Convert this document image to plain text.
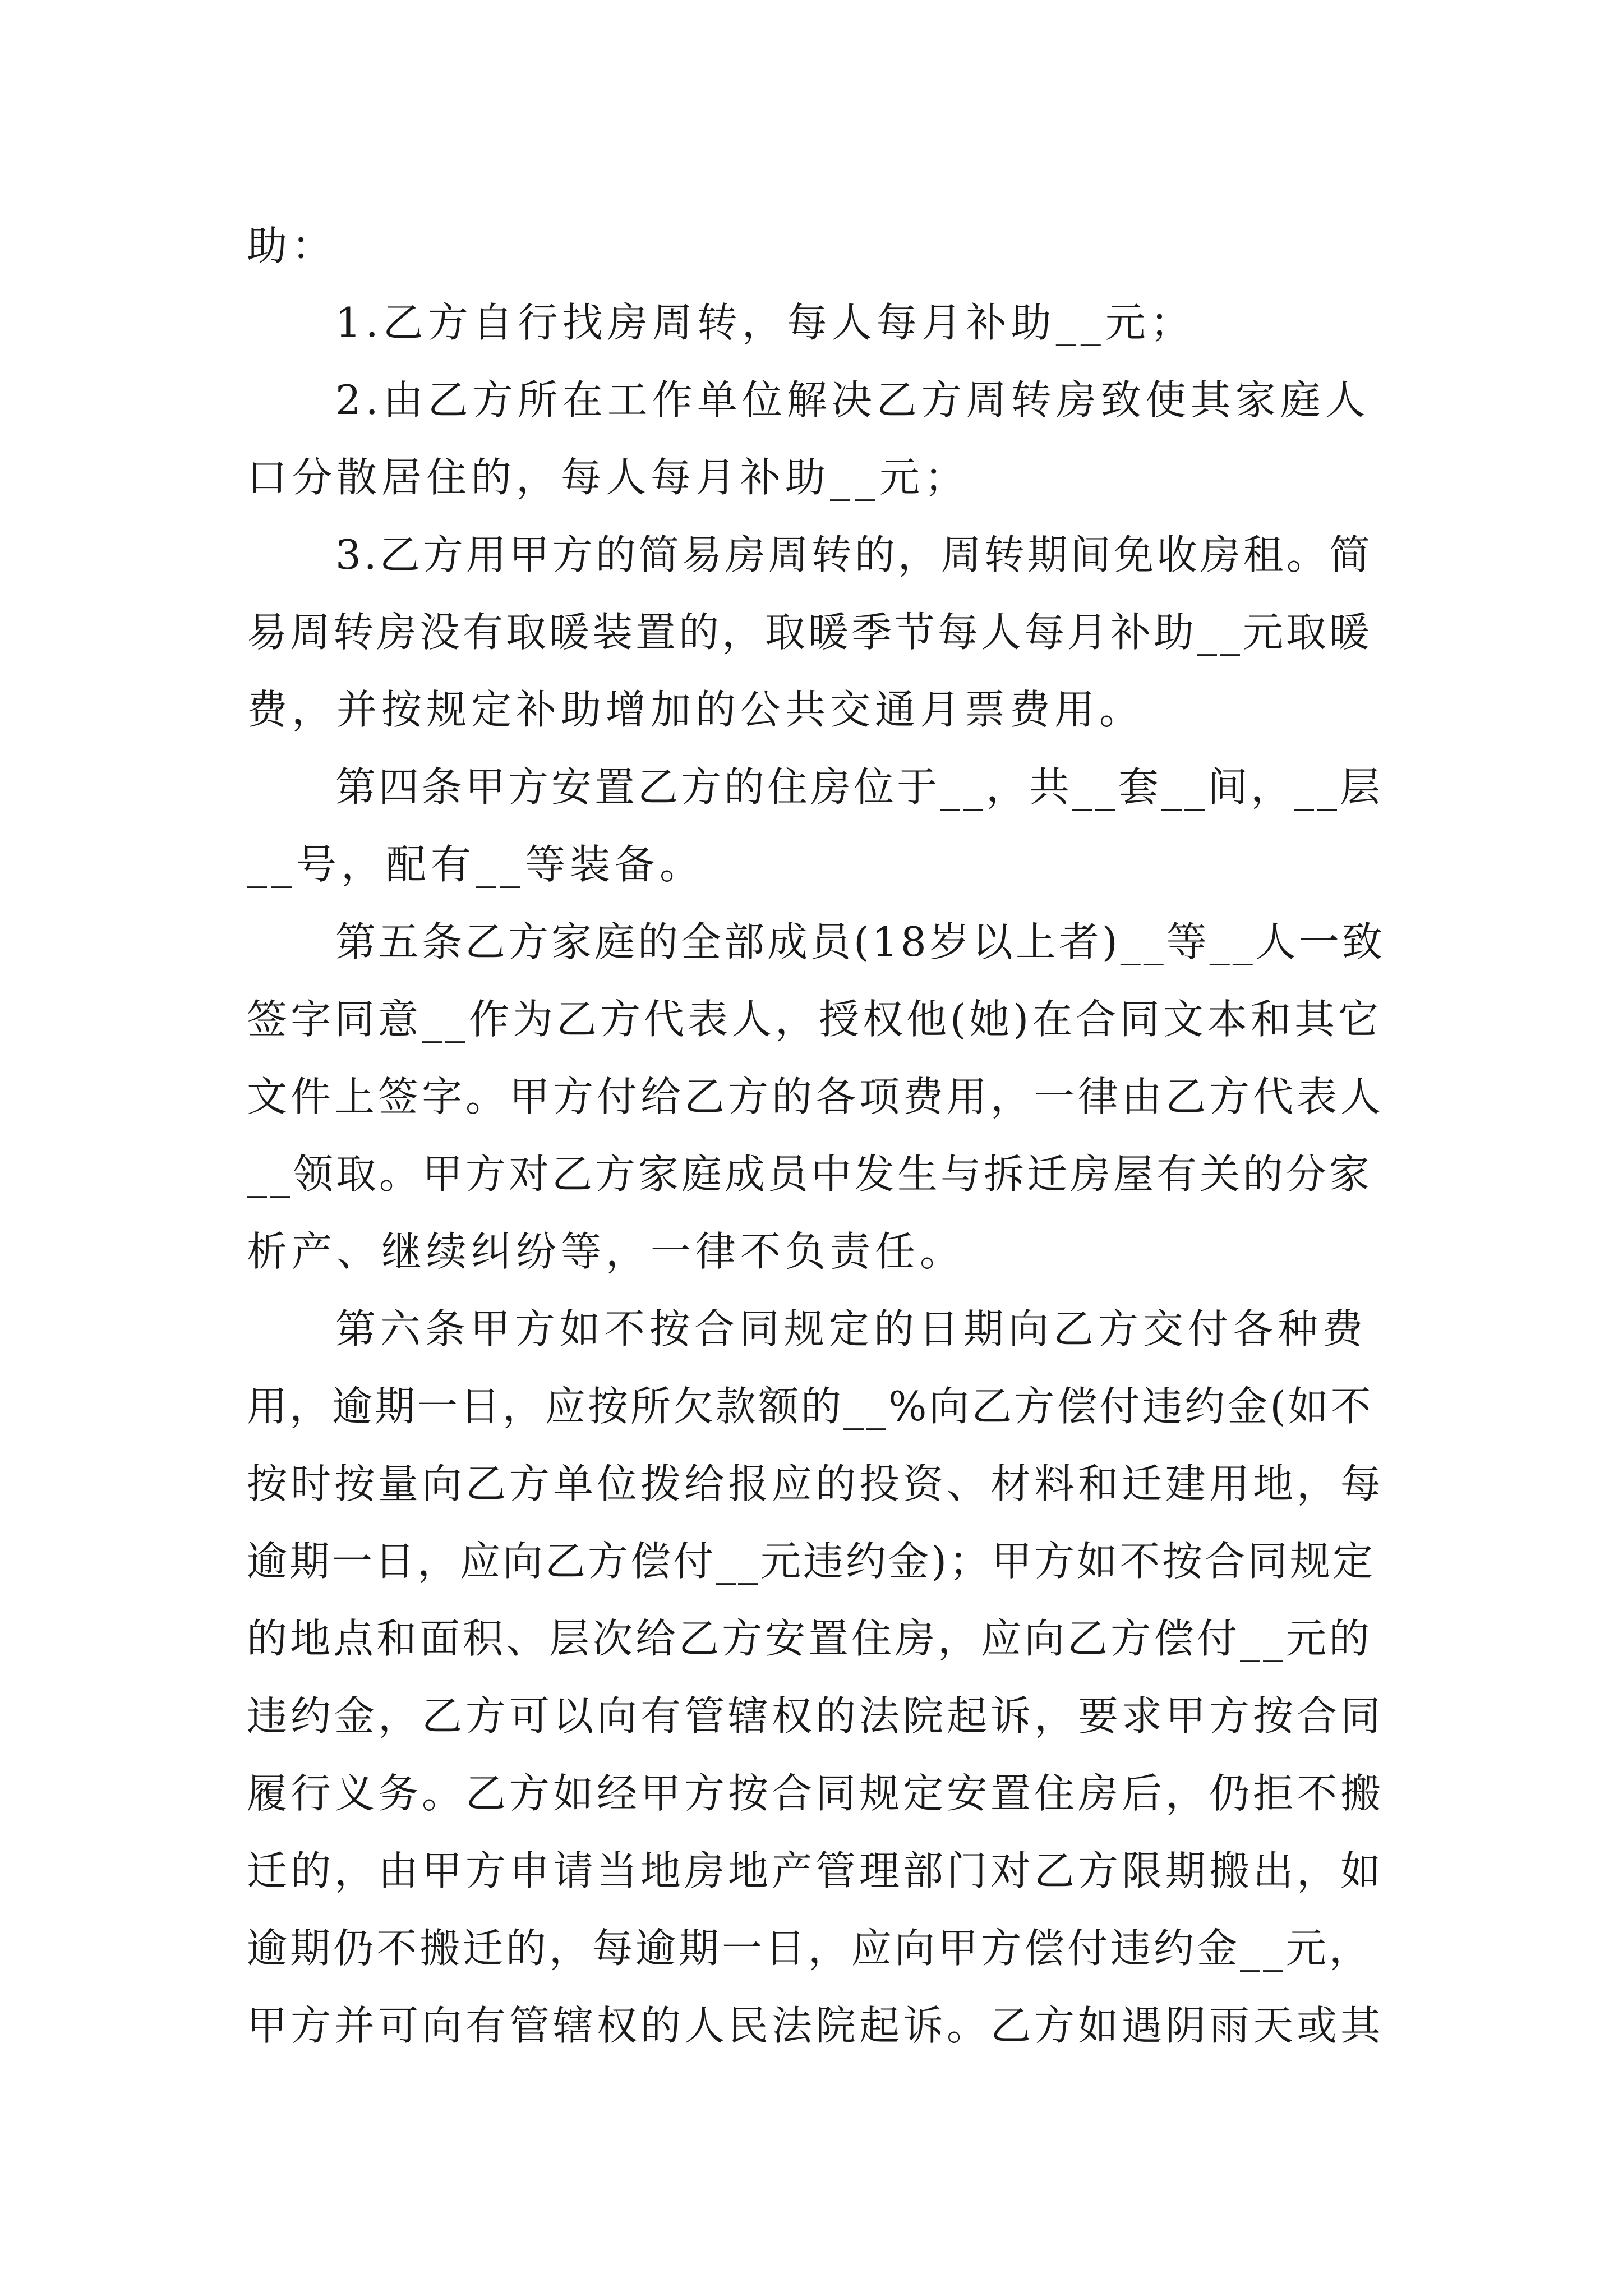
助：
1.乙方自行找房周转，每人每月补助__元；
2.由乙方所在工作单位解决乙方周转房致使其家庭人
口分散居住的，每人每月补助__元；
3.乙方用甲方的简易房周转的，周转期间免收房租。简
易周转房没有取暖装置的，取暖季节每人每月补助__元取暖
费，并按规定补助增加的公共交通月票费用。
第四条甲方安置乙方的住房位于__，共__套__间，__层
__号，配有__等装备。
第五条乙方家庭的全部成员(18岁以上者)__等__人一致
签字同意__作为乙方代表人，授权他(她)在合同文本和其它
文件上签字。甲方付给乙方的各项费用，一律由乙方代表人
__领取。甲方对乙方家庭成员中发生与拆迁房屋有关的分家
析产、继续纠纷等，一律不负责任。
第六条甲方如不按合同规定的日期向乙方交付各种费
用，逾期一日，应按所欠款额的__%向乙方偿付违约金(如不
按时按量向乙方单位拨给报应的投资、材料和迁建用地，每
逾期一日，应向乙方偿付__元违约金)；甲方如不按合同规定
的地点和面积、层次给乙方安置住房，应向乙方偿付__元的
违约金，乙方可以向有管辖权的法院起诉，要求甲方按合同
履行义务。乙方如经甲方按合同规定安置住房后，仍拒不搬
迁的，由甲方申请当地房地产管理部门对乙方限期搬出，如
逾期仍不搬迁的，每逾期一日，应向甲方偿付违约金__元，
甲方并可向有管辖权的人民法院起诉。乙方如遇阴雨天或其
